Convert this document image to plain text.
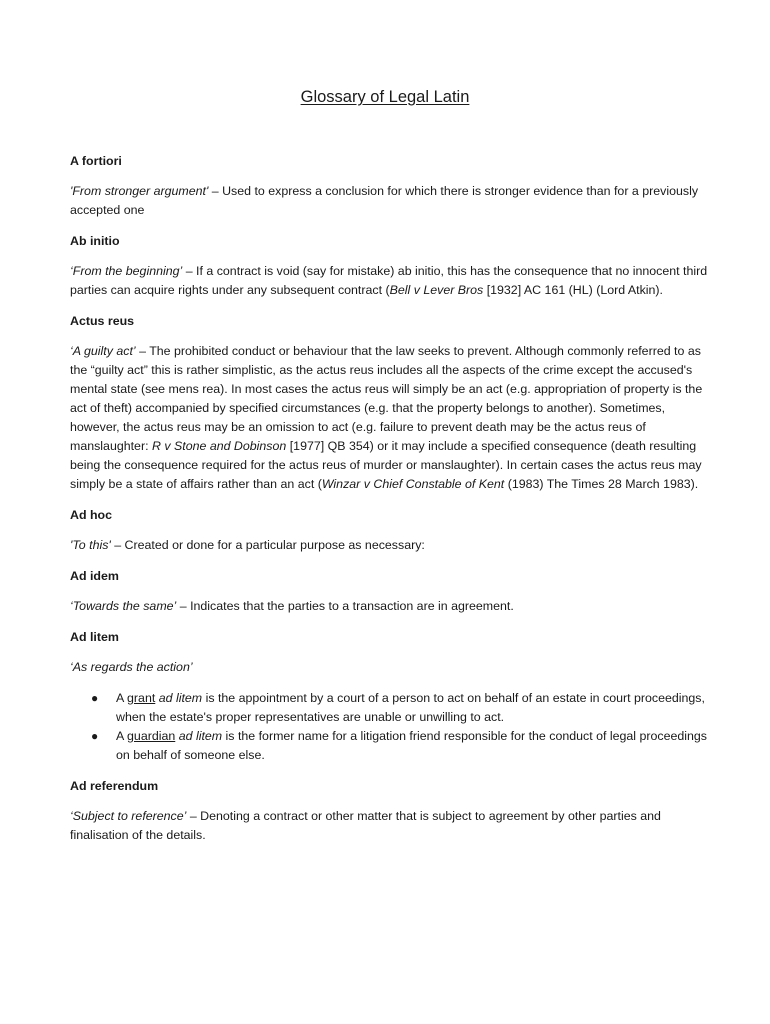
Glossary of Legal Latin
A fortiori

'From stronger argument' – Used to express a conclusion for which there is stronger evidence than for a previously accepted one

Ab initio

‘From the beginning’ – If a contract is void (say for mistake) ab initio, this has the consequence that no innocent third parties can acquire rights under any subsequent contract (Bell v Lever Bros [1932] AC 161 (HL) (Lord Atkin).

Actus reus

‘A guilty act’ – The prohibited conduct or behaviour that the law seeks to prevent. Although commonly referred to as the “guilty act” this is rather simplistic, as the actus reus includes all the aspects of the crime except the accused's mental state (see mens rea). In most cases the actus reus will simply be an act (e.g. appropriation of property is the act of theft) accompanied by specified circumstances (e.g. that the property belongs to another). Sometimes, however, the actus reus may be an omission to act (e.g. failure to prevent death may be the actus reus of manslaughter: R v Stone and Dobinson [1977] QB 354) or it may include a specified consequence (death resulting being the consequence required for the actus reus of murder or manslaughter). In certain cases the actus reus may simply be a state of affairs rather than an act (Winzar v Chief Constable of Kent (1983) The Times 28 March 1983).

Ad hoc

'To this' – Created or done for a particular purpose as necessary:

Ad idem

‘Towards the same’ – Indicates that the parties to a transaction are in agreement.

Ad litem

‘As regards the action’

● A grant ad litem is the appointment by a court of a person to act on behalf of an estate in court proceedings, when the estate's proper representatives are unable or unwilling to act.
● A guardian ad litem is the former name for a litigation friend responsible for the conduct of legal proceedings on behalf of someone else.
Ad referendum

‘Subject to reference’ – Denoting a contract or other matter that is subject to agreement by other parties and finalisation of the details.
